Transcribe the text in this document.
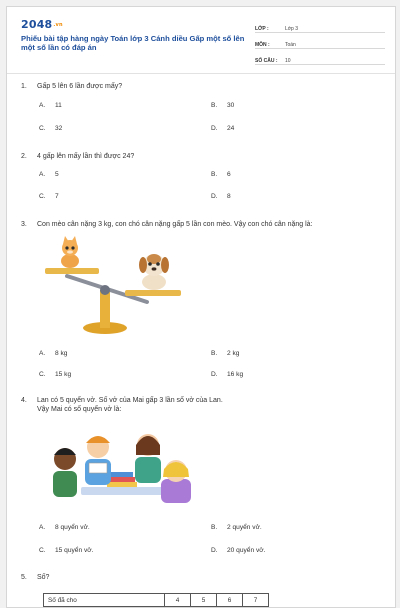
2048.vn
Phiếu bài tập hàng ngày Toán lớp 3 Cánh diều Gấp một số lên một số lần có đáp án
LỚP :	Lớp 3
MÔN :	Toán
SỐ CÂU :	10
1. Gấp 5 lên 6 lần được mấy?
A. 11	B. 30
C. 32	D. 24
2. 4 gấp lên mấy lần thì được 24?
A. 5	B. 6
C. 7	D. 8
3. Con mèo cân nặng 3 kg, con chó cân nặng gấp 5 lần con mèo. Vậy con chó cân nặng là:
A. 8 kg	B. 2 kg
C. 15 kg	D. 16 kg
4. Lan có 5 quyển vở. Số vở của Mai gấp 3 lần số vở của Lan.
Vậy Mai có số quyển vở là:
A. 8 quyển vở.	B. 2 quyển vở.
C. 15 quyển vở.	D. 20 quyển vở.
5. Số?
Số đã cho	4	5	6	7
